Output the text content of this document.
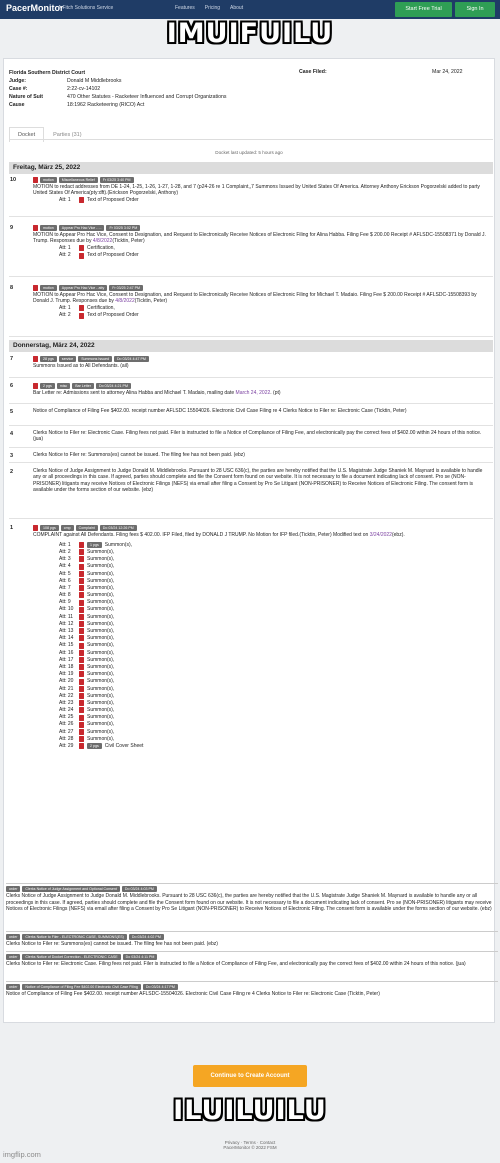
PacerMonitor
A Fitch Solutions Service	Features Pricing About	Start Free Trial	Sign In
IMUIFUILU
Florida Southern District Court
Judge:	Donald M Middlebrooks
Case #:	2:22-cv-14102
Nature of Suit	470 Other Statutes - Racketeer Influenced and Corrupt Organizations
Cause	18:1962 Racketeering (RICO) Act
Case Filed:	Mar 24, 2022
Docket	Parties (31)
Docket last updated: 5 hours ago
Freitag, März 25, 2022
10	motion	Miscellaneous Relief	Fr 03/25 3:40 PM
MOTION to redact addresses from DE 1-24, 1-25, 1-26, 1-27, 1-28, and 7 (p24-26 re 1 Complaint,,7 Summons Issued by United States Of America. Attorney Anthony Erickson Pogorzelski added to party United States Of America(pty:dft).(Erickson Pogorzelski, Anthony)
Att: 1	Text of Proposed Order
9	motion	Appear Pro Hac Vice - ...	Fr 03/25 3:02 PM
MOTION to Appear Pro Hac Vice, Consent to Designation, and Request to Electronically Receive Notices of Electronic Filing for Alina Habba. Filing Fee $ 200.00 Receipt # AFLSDC-15508371 by Donald J. Trump. Responses due by 4/8/2022(Ticktin, Peter)
Att: 1	Certification,
Att: 2	Text of Proposed Order
8	motion	Appear Pro Hac Vice - atty	Fr 03/25 2:47 PM
MOTION to Appear Pro Hac Vice, Consent to Designation, and Request to Electronically Receive Notices of Electronic Filing for Michael T. Madaio. Filing Fee $ 200.00 Receipt # AFLSDC-15508393 by Donald J. Trump. Responses due by 4/8/2022(Ticktin, Peter)
Att: 1	Certification,
Att: 2	Text of Proposed Order
Donnerstag, März 24, 2022
7	28 pgs	service	Summons Issued	Do 03/24 4:47 PM
Summons Issued as to All Defendants. (ail)
6	2 pgs	misc	Bar Letter	Do 03/24 4:21 PM
Bar Letter re: Admissions sent to attorney Alina Habba and Michael T. Madaio, mailing date March 24, 2022. (pt)
5	Notice of Compliance of Filing Fee $402.00. receipt number AFLSDC 15504026. Electronic Civil Case Filing re 4 Clerks Notice to Filer re: Electronic Case (Ticktin, Peter)
4	Clerks Notice to Filer re: Electronic Case. Filing fees not paid. Filer is instructed to file a Notice of Compliance of Filing Fee, and electronically pay the correct fees of $402.00 within 24 hours of this notice. (jua)
3	Clerks Notice to Filer re: Summons(es) cannot be issued. The filing fee has not been paid. (ebz)
2	Clerks Notice of Judge Assignment to Judge Donald M. Middlebrooks. Pursuant to 28 USC 636(c), the parties are hereby notified that the U.S. Magistrate Judge Shaniek M. Maynard is available to handle any or all proceedings in this case. If agreed, parties should complete and file the Consent form found on our website. It is not necessary to file a document indicating lack of consent. Pro se (NON-PRISONER) litigants may receive Notices of Electronic Filings (NEFS) via email after filing a Consent by Pro Se Litigant (NON-PRISONER) to Receive Notices of Electronic Filing. The consent form is available under the forms section of our website. (ebz)
1	108 pgs	cmp	Complaint	Do 03/24 12:26 PM
COMPLAINT against All Defendants. Filing fees $ 402.00. IFP Filed, filed by DONALD J TRUMP. No Motion for IFP filed.(Ticktin, Peter) Modified text on 3/24/2022(ebz).
Att: 1	1 pgs	Summon(s),
Att: 2	Summon(s),
Att: 3	Summon(s),
Att: 4	Summon(s),
Att: 5	Summon(s),
Att: 6	Summon(s),
Att: 7	Summon(s),
Att: 8	Summon(s),
Att: 9	Summon(s),
Att: 10	Summon(s),
Att: 11	Summon(s),
Att: 12	Summon(s),
Att: 13	Summon(s),
Att: 14	Summon(s),
Att: 15	Summon(s),
Att: 16	Summon(s),
Att: 17	Summon(s),
Att: 18	Summon(s),
Att: 19	Summon(s),
Att: 20	Summon(s),
Att: 21	Summon(s),
Att: 22	Summon(s),
Att: 23	Summon(s),
Att: 24	Summon(s),
Att: 25	Summon(s),
Att: 26	Summon(s),
Att: 27	Summon(s),
Att: 28	Summon(s),
Att: 29	2 pgs	Civil Cover Sheet
order	Clerks Notice of Judge Assignment and Optional Consent	Do 03/24 4:03 PM
Clerks Notice of Judge Assignment to Judge Donald M. Middlebrooks. Pursuant to 28 USC 636(c), the parties are hereby notified that the U.S. Magistrate Judge Shaniek M. Maynard is available to handle any or all proceedings in this case. If agreed, parties should complete and file the Consent form found on our website. It is not necessary to file a document indicating lack of consent. Pro se (NON-PRISONER) litigants may receive Notices of Electronic Filings (NEFS) via email after filing a Consent by Pro Se Litigant (NON-PRISONER) to Receive Notices of Electronic Filing. The consent form is available under the forms section of our website. (ebz)
order	Clerks Notice to Filer - ELECTRONIC CASE, SUMMONS(ES)	Do 03/24 4:02 PM
Clerks Notice to Filer re: Summons(es) cannot be issued. The filing fee has not been paid. (ebz)
order	Clerks Notice of Docket Correction - ELECTRONIC CASE	Do 03/24 4:11 PM
Clerks Notice to Filer re: Electronic Case. Filing fees not paid. Filer is instructed to file a Notice of Compliance of Filing Fee, and electronically pay the correct fees of $402.00 within 24 hours of this notice. (jua)
order	Notice of Compliance of Filing Fee $402.00 Electronic Civil Case Filing	Do 03/24 4:17 PM
Notice of Compliance of Filing Fee $402.00. receipt number AFLSDC-15504026. Electronic Civil Case Filing re 4 Clerks Notice to Filer re: Electronic Case (Ticktin, Peter)
Continue to Create Account
ILUILUILU
Privacy · Terms · Contact
PacerMonitor © 2022 FSM
imgflip.com
